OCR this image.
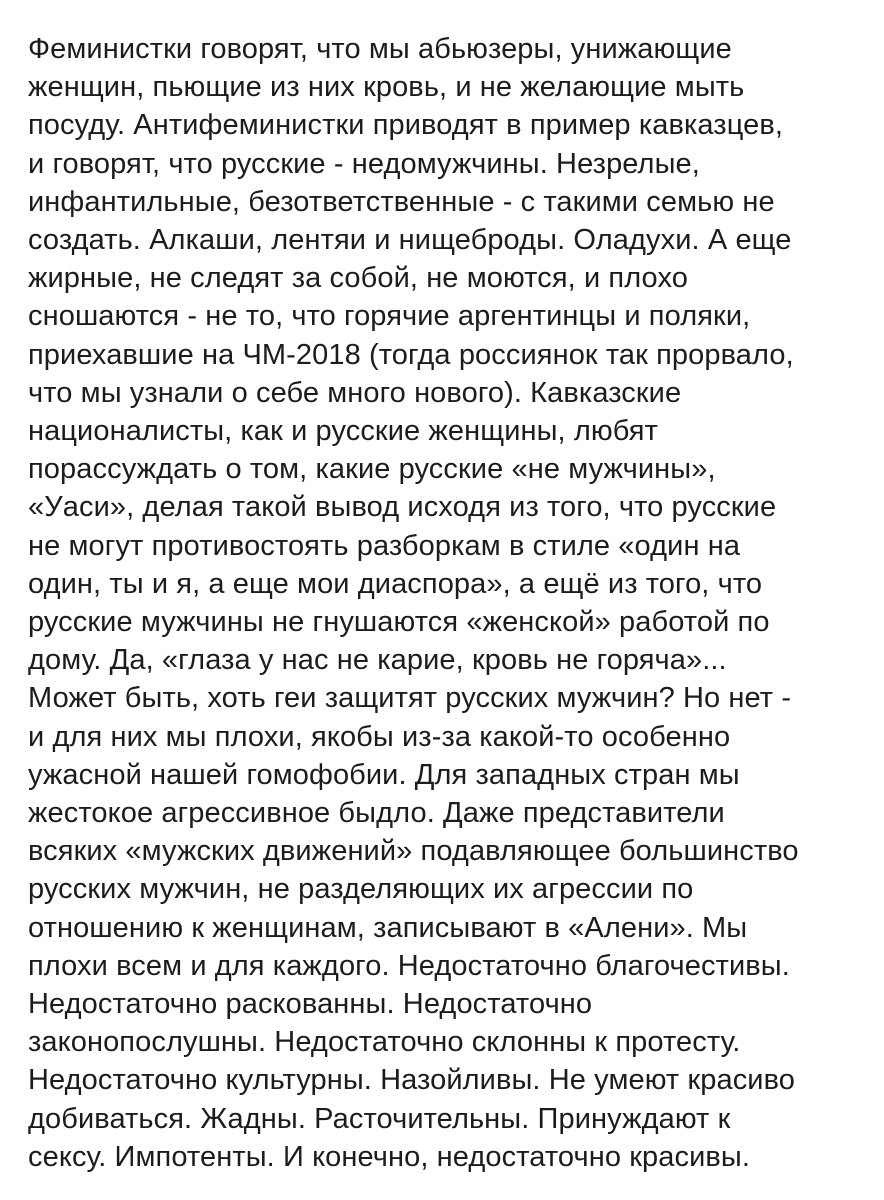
Феминистки говорят, что мы абьюзеры, унижающие
женщин, пьющие из них кровь, и не желающие мыть
посуду. Антифеминистки приводят в пример кавказцев,
и говорят, что русские - недомужчины. Незрелые,
инфантильные, безответственные - с такими семью не
создать. Алкаши, лентяи и нищеброды. Оладухи. А еще
жирные, не следят за собой, не моются, и плохо
сношаются - не то, что горячие аргентинцы и поляки,
приехавшие на ЧМ-2018 (тогда россиянок так прорвало,
что мы узнали о себе много нового). Кавказские
националисты, как и русские женщины, любят
порассуждать о том, какие русские «не мужчины»,
«Уаси», делая такой вывод исходя из того, что русские
не могут противостоять разборкам в стиле «один на
один, ты и я, а еще мои диаспора», а ещё из того, что
русские мужчины не гнушаются «женской» работой по
дому. Да, «глаза у нас не карие, кровь не горяча»...
Может быть, хоть геи защитят русских мужчин? Но нет -
и для них мы плохи, якобы из-за какой-то особенно
ужасной нашей гомофобии. Для западных стран мы
жестокое агрессивное быдло. Даже представители
всяких «мужских движений» подавляющее большинство
русских мужчин, не разделяющих их агрессии по
отношению к женщинам, записывают в «Алени». Мы
плохи всем и для каждого. Недостаточно благочестивы.
Недостаточно раскованны. Недостаточно
законопослушны. Недостаточно склонны к протесту.
Недостаточно культурны. Назойливы. Не умеют красиво
добиваться. Жадны. Расточительны. Принуждают к
сексу. Импотенты. И конечно, недостаточно красивы.
